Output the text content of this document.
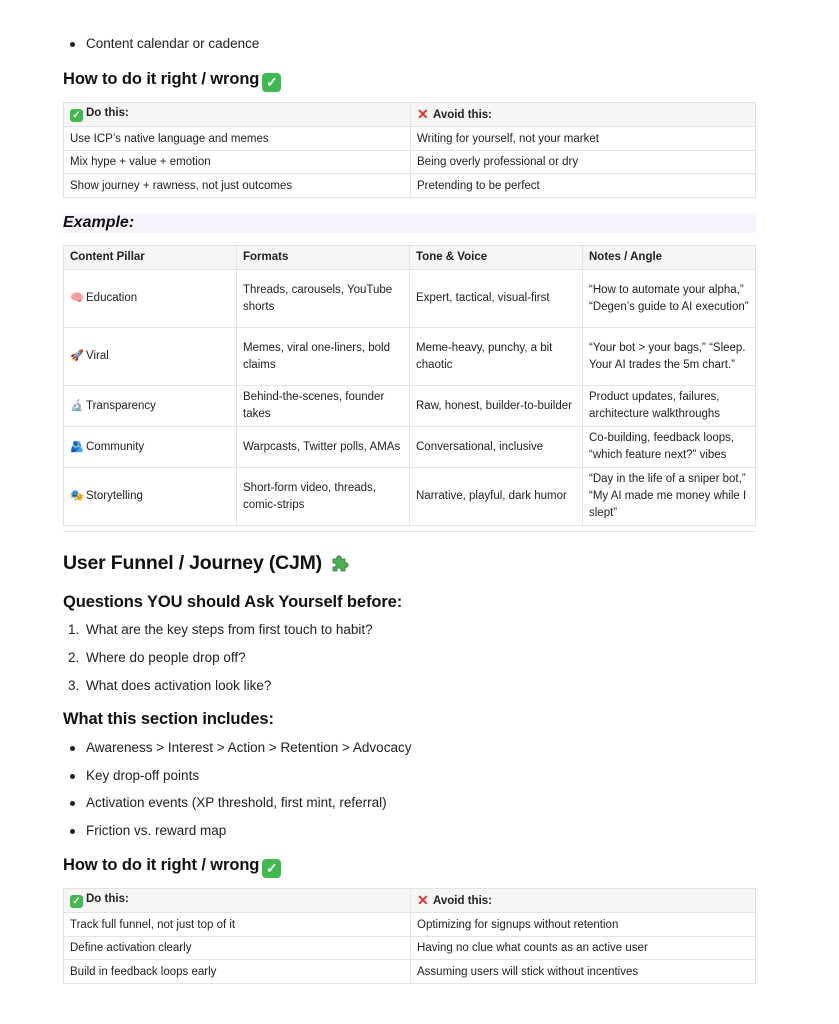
Content calendar or cadence
How to do it right / wrong ✓
✓ Do this:	✕ Avoid this:
Use ICP’s native language and memes	Writing for yourself, not your market
Mix hype + value + emotion	Being overly professional or dry
Show journey + rawness, not just outcomes	Pretending to be perfect
Example:
Content Pillar	Formats	Tone & Voice	Notes / Angle
🧠 Education	Threads, carousels, YouTube shorts	Expert, tactical, visual-first	“How to automate your alpha,” “Degen’s guide to AI execution”
🚀 Viral	Memes, viral one-liners, bold claims	Meme-heavy, punchy, a bit chaotic	“Your bot > your bags,” “Sleep. Your AI trades the 5m chart.”
🔬 Transparency	Behind-the-scenes, founder takes	Raw, honest, builder-to-builder	Product updates, failures, architecture walkthroughs
🫂 Community	Warpcasts, Twitter polls, AMAs	Conversational, inclusive	Co-building, feedback loops, “which feature next?” vibes
🎭 Storytelling	Short-form video, threads, comic-strips	Narrative, playful, dark humor	“Day in the life of a sniper bot,” “My AI made me money while I slept”
User Funnel / Journey (CJM)
Questions YOU should Ask Yourself before:
1. What are the key steps from first touch to habit?
2. Where do people drop off?
3. What does activation look like?
What this section includes:
Awareness > Interest > Action > Retention > Advocacy
Key drop-off points
Activation events (XP threshold, first mint, referral)
Friction vs. reward map
How to do it right / wrong ✓
✓ Do this:	✕ Avoid this:
Track full funnel, not just top of it	Optimizing for signups without retention
Define activation clearly	Having no clue what counts as an active user
Build in feedback loops early	Assuming users will stick without incentives
